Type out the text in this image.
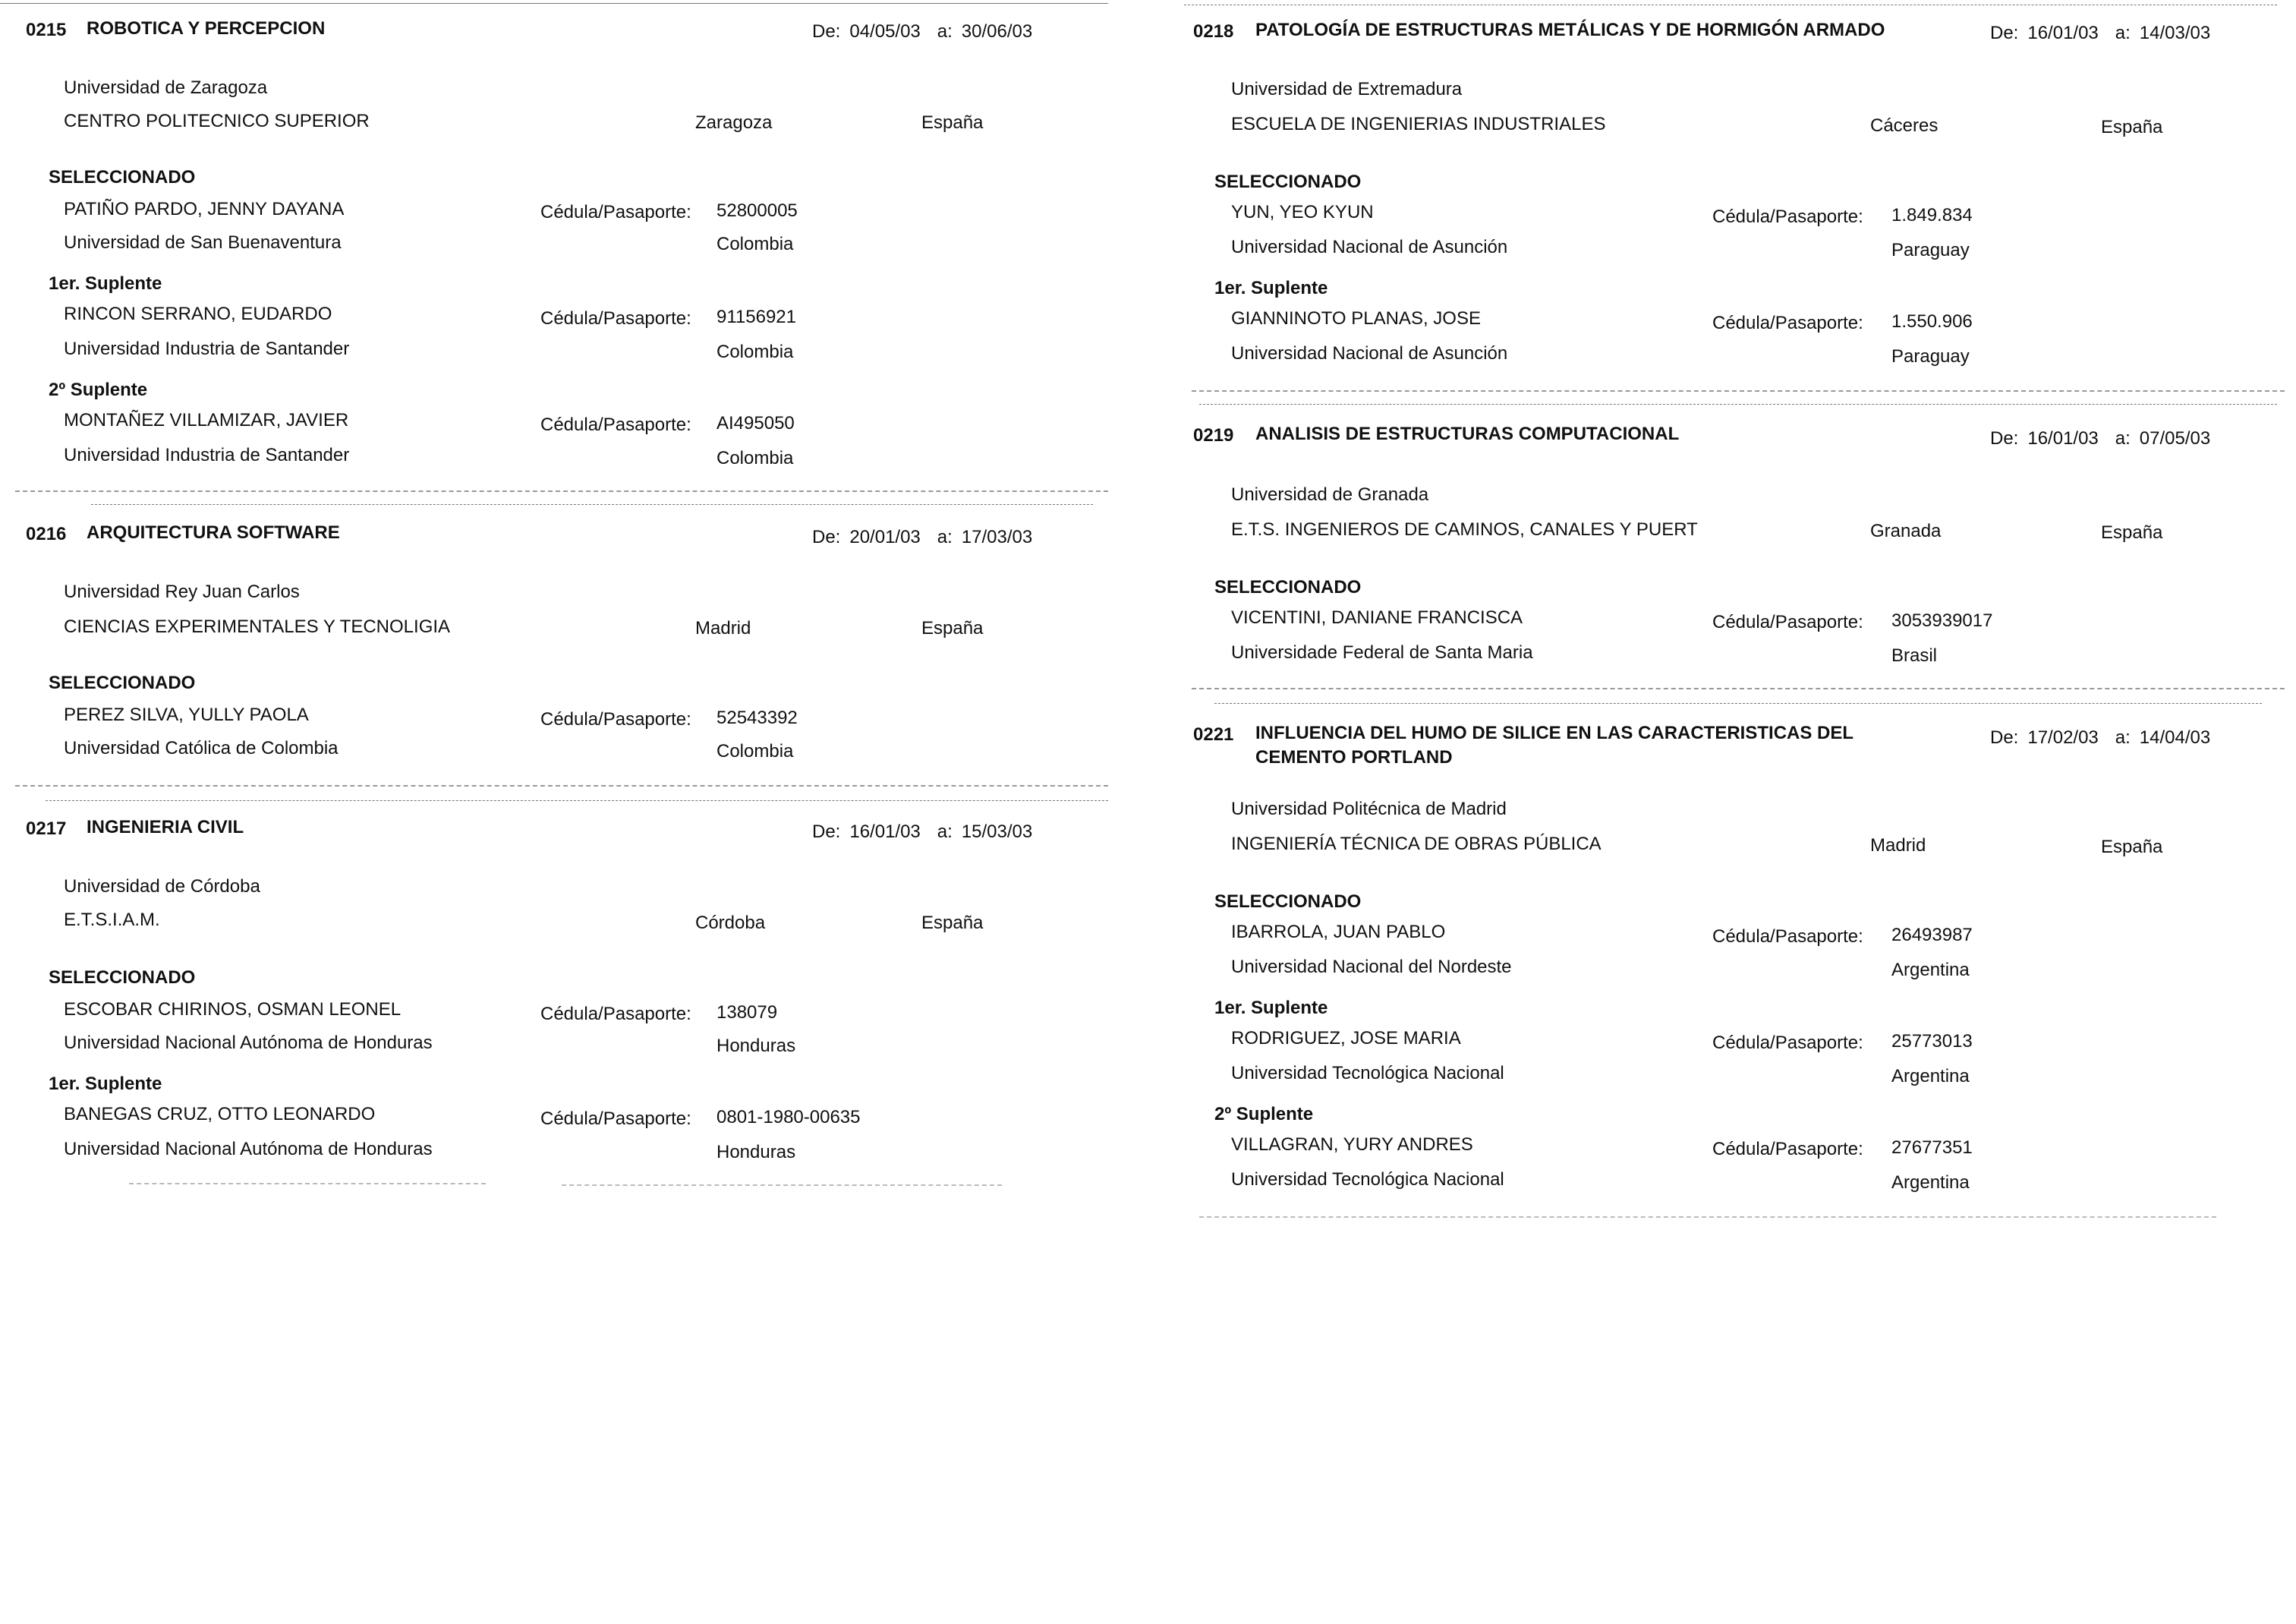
0215 ROBOTICA Y PERCEPCION	De: 04/05/03 a: 30/06/03
Universidad de Zaragoza
CENTRO POLITECNICO SUPERIOR	Zaragoza	España
SELECCIONADO
PATIÑO PARDO, JENNY DAYANA	Cédula/Pasaporte: 52800005
Universidad de San Buenaventura	Colombia
1er. Suplente
RINCON SERRANO, EUDARDO	Cédula/Pasaporte: 91156921
Universidad Industria de Santander	Colombia
2º Suplente
MONTAÑEZ VILLAMIZAR, JAVIER	Cédula/Pasaporte: AI495050
Universidad Industria de Santander	Colombia
0216 ARQUITECTURA SOFTWARE	De: 20/01/03 a: 17/03/03
Universidad Rey Juan Carlos
CIENCIAS EXPERIMENTALES Y TECNOLIGIA	Madrid	España
SELECCIONADO
PEREZ SILVA, YULLY PAOLA	Cédula/Pasaporte: 52543392
Universidad Católica de Colombia	Colombia
0217 INGENIERIA CIVIL	De: 16/01/03 a: 15/03/03
Universidad de Córdoba
E.T.S.I.A.M.	Córdoba	España
SELECCIONADO
ESCOBAR CHIRINOS, OSMAN LEONEL	Cédula/Pasaporte: 138079
Universidad Nacional Autónoma de Honduras	Honduras
1er. Suplente
BANEGAS CRUZ, OTTO LEONARDO	Cédula/Pasaporte: 0801-1980-00635
Universidad Nacional Autónoma de Honduras	Honduras
0218 PATOLOGÍA DE ESTRUCTURAS METÁLICAS Y DE HORMIGÓN ARMADO	De: 16/01/03 a: 14/03/03
Universidad de Extremadura
ESCUELA DE INGENIERIAS INDUSTRIALES	Cáceres	España
SELECCIONADO
YUN, YEO KYUN	Cédula/Pasaporte: 1.849.834
Universidad Nacional de Asunción	Paraguay
1er. Suplente
GIANNINOTO PLANAS, JOSE	Cédula/Pasaporte: 1.550.906
Universidad Nacional de Asunción	Paraguay
0219 ANALISIS DE ESTRUCTURAS COMPUTACIONAL	De: 16/01/03 a: 07/05/03
Universidad de Granada
E.T.S. INGENIEROS DE CAMINOS, CANALES Y PUERT	Granada	España
SELECCIONADO
VICENTINI, DANIANE FRANCISCA	Cédula/Pasaporte: 3053939017
Universidade Federal de Santa Maria	Brasil
0221 INFLUENCIA DEL HUMO DE SILICE EN LAS CARACTERISTICAS DEL CEMENTO PORTLAND
De: 17/02/03 a: 14/04/03
Universidad Politécnica de Madrid
INGENIERÍA TÉCNICA DE OBRAS PÚBLICA	Madrid	España
SELECCIONADO
IBARROLA, JUAN PABLO	Cédula/Pasaporte: 26493987
Universidad Nacional del Nordeste	Argentina
1er. Suplente
RODRIGUEZ, JOSE MARIA	Cédula/Pasaporte: 25773013
Universidad Tecnológica Nacional	Argentina
2º Suplente
VILLAGRAN, YURY ANDRES	Cédula/Pasaporte: 27677351
Universidad Tecnológica Nacional	Argentina
